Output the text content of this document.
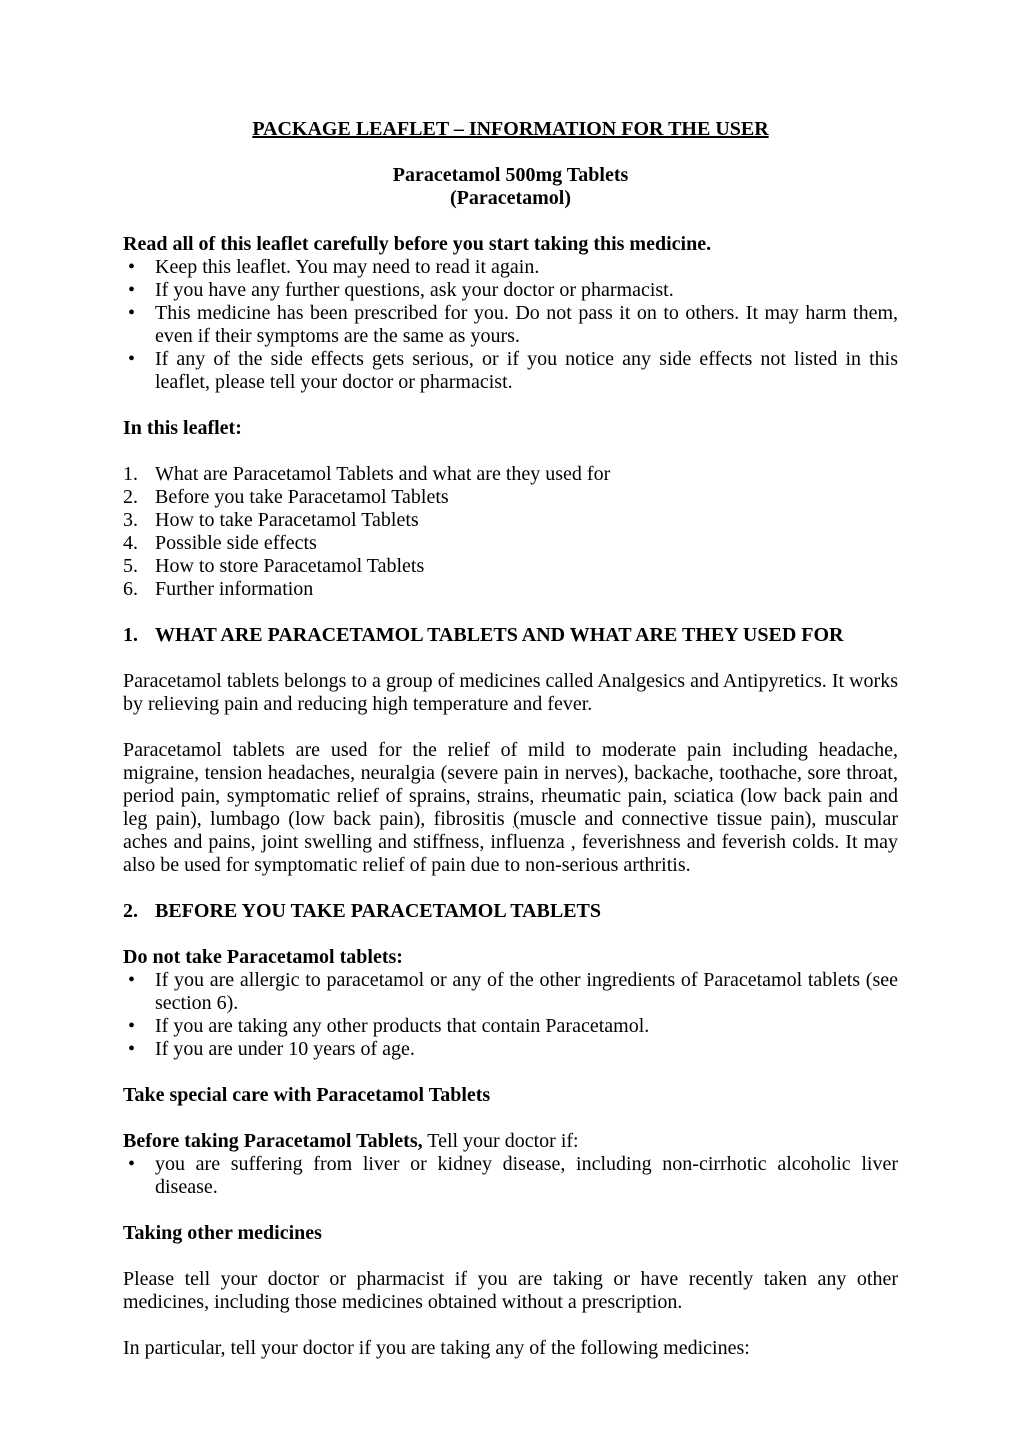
PACKAGE LEAFLET – INFORMATION FOR THE USER
Paracetamol 500mg Tablets
(Paracetamol)
Read all of this leaflet carefully before you start taking this medicine.
• Keep this leaflet. You may need to read it again.
• If you have any further questions, ask your doctor or pharmacist.
• This medicine has been prescribed for you. Do not pass it on to others. It may harm them, even if their symptoms are the same as yours.
• If any of the side effects gets serious, or if you notice any side effects not listed in this leaflet, please tell your doctor or pharmacist.
In this leaflet:
1. What are Paracetamol Tablets and what are they used for
2. Before you take Paracetamol Tablets
3. How to take Paracetamol Tablets
4. Possible side effects
5. How to store Paracetamol Tablets
6. Further information
1. WHAT ARE PARACETAMOL TABLETS AND WHAT ARE THEY USED FOR
Paracetamol tablets belongs to a group of medicines called Analgesics and Antipyretics. It works by relieving pain and reducing high temperature and fever.
Paracetamol tablets are used for the relief of mild to moderate pain including headache, migraine, tension headaches, neuralgia (severe pain in nerves), backache, toothache, sore throat, period pain, symptomatic relief of sprains, strains, rheumatic pain, sciatica (low back pain and leg pain), lumbago (low back pain), fibrositis (muscle and connective tissue pain), muscular aches and pains, joint swelling and stiffness, influenza , feverishness and feverish colds. It may also be used for symptomatic relief of pain due to non-serious arthritis.
2. BEFORE YOU TAKE PARACETAMOL TABLETS
Do not take Paracetamol tablets:
• If you are allergic to paracetamol or any of the other ingredients of Paracetamol tablets (see section 6).
• If you are taking any other products that contain Paracetamol.
• If you are under 10 years of age.
Take special care with Paracetamol Tablets
Before taking Paracetamol Tablets, Tell your doctor if:
• you are suffering from liver or kidney disease, including non-cirrhotic alcoholic liver disease.
Taking other medicines
Please tell your doctor or pharmacist if you are taking or have recently taken any other medicines, including those medicines obtained without a prescription.
In particular, tell your doctor if you are taking any of the following medicines:
